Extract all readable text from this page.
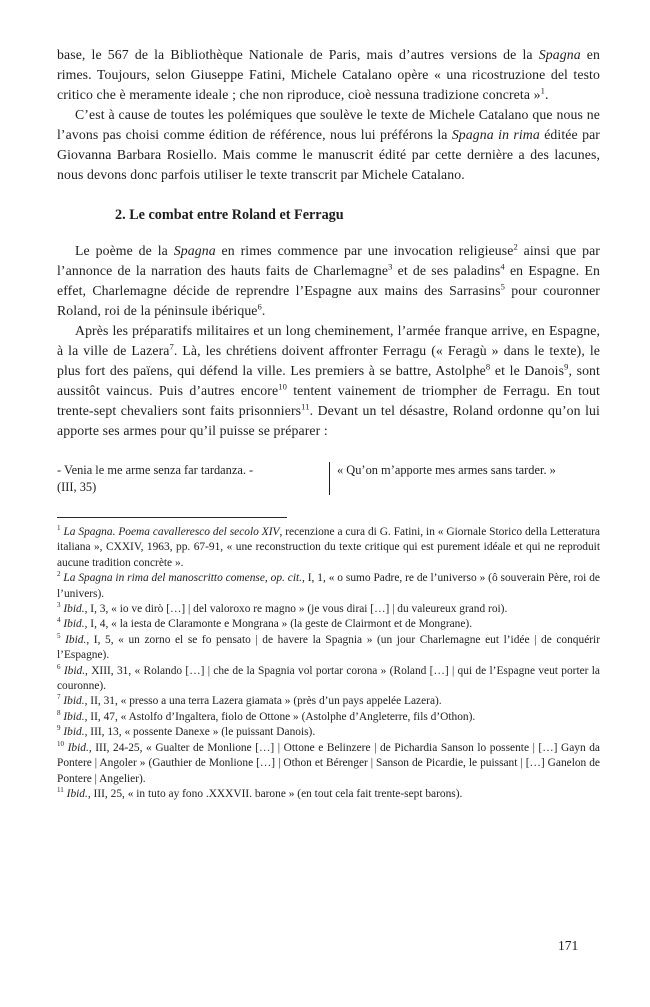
base, le 567 de la Bibliothèque Nationale de Paris, mais d’autres versions de la Spagna en rimes. Toujours, selon Giuseppe Fatini, Michele Catalano opère « una ricostruzione del testo critico che è meramente ideale ; che non riproduce, cioè nessuna tradizione concreta »$^1$.

C’est à cause de toutes les polémiques que soulève le texte de Michele Catalano que nous ne l’avons pas choisi comme édition de référence, nous lui préférons la Spagna in rima éditée par Giovanna Barbara Rosiello. Mais comme le manuscrit édité par cette dernière a des lacunes, nous devons donc parfois utiliser le texte transcrit par Michele Catalano.

2. Le combat entre Roland et Ferragu

Le poème de la Spagna en rimes commence par une invocation religieuse$^2$ ainsi que par l’annonce de la narration des hauts faits de Charlemagne$^3$ et de ses paladins$^4$ en Espagne. En effet, Charlemagne décide de reprendre l’Espagne aux mains des Sarrasins$^5$ pour couronner Roland, roi de la péninsule ibérique$^6$.

Après les préparatifs militaires et un long cheminement, l’armée franque arrive, en Espagne, à la ville de Lazera$^7$. Là, les chrétiens doivent affronter Ferragu (« Feragù » dans le texte), le plus fort des païens, qui défend la ville. Les premiers à se battre, Astolphe$^8$ et le Danois$^9$, sont aussitôt vaincus. Puis d’autres encore$^{10}$ tentent vainement de triompher de Ferragu. En tout trente-sept chevaliers sont faits prisonniers$^{11}$. Devant un tel désastre, Roland ordonne qu’on lui apporte ses armes pour qu’il puisse se préparer :

- Venia le me arme senza far tardanza. -

(III, 35)

« Qu’on m’apporte mes armes sans tarder. »

$^1$ La Spagna. Poema cavalleresco del secolo XIV, recenzione a cura di G. Fatini, in « Giornale Storico della Letteratura italiana », CXXIV, 1963, pp. 67-91, « une reconstruction du texte critique qui est purement idéale et qui ne reproduit aucune tradition concrète ».

$^2$ La Spagna in rima del manoscritto comense, op. cit., I, 1, « o sumo Padre, re de l’universo » (ô souverain Père, roi de l’univers).

$^3$ Ibid., I, 3, « io ve dirò […] | del valoroxo re magno » (je vous dirai […] | du valeureux grand roi).

$^4$ Ibid., I, 4, « la iesta de Claramonte e Mongrana » (la geste de Clairmont et de Mongrane).

$^5$ Ibid., I, 5, « un zorno el se fo pensato | de havere la Spagnia » (un jour Charlemagne eut l’idée | de conquérir l’Espagne).

$^6$ Ibid., XIII, 31, « Rolando […] | che de la Spagnia vol portar corona » (Roland […] | qui de l’Espagne veut porter la couronne).

$^7$ Ibid., II, 31, « presso a una terra Lazera giamata » (près d’un pays appelée Lazera).

$^8$ Ibid., II, 47, « Astolfo d’Ingaltera, fiolo de Ottone » (Astolphe d’Angleterre, fils d’Othon).

$^9$ Ibid., III, 13, « possente Danexe » (le puissant Danois).

$^{10}$ Ibid., III, 24-25, « Gualter de Monlione […] | Ottone e Belinzere | de Pichardia Sanson lo possente | […] Gayn da Pontere | Angoler » (Gauthier de Monlione […] | Othon et Bérenger | Sanson de Picardie, le puissant | […] Ganelon de Pontere | Angelier).

$^{11}$ Ibid., III, 25, « in tuto ay fono .XXXVII. barone » (en tout cela fait trente-sept barons).

171
